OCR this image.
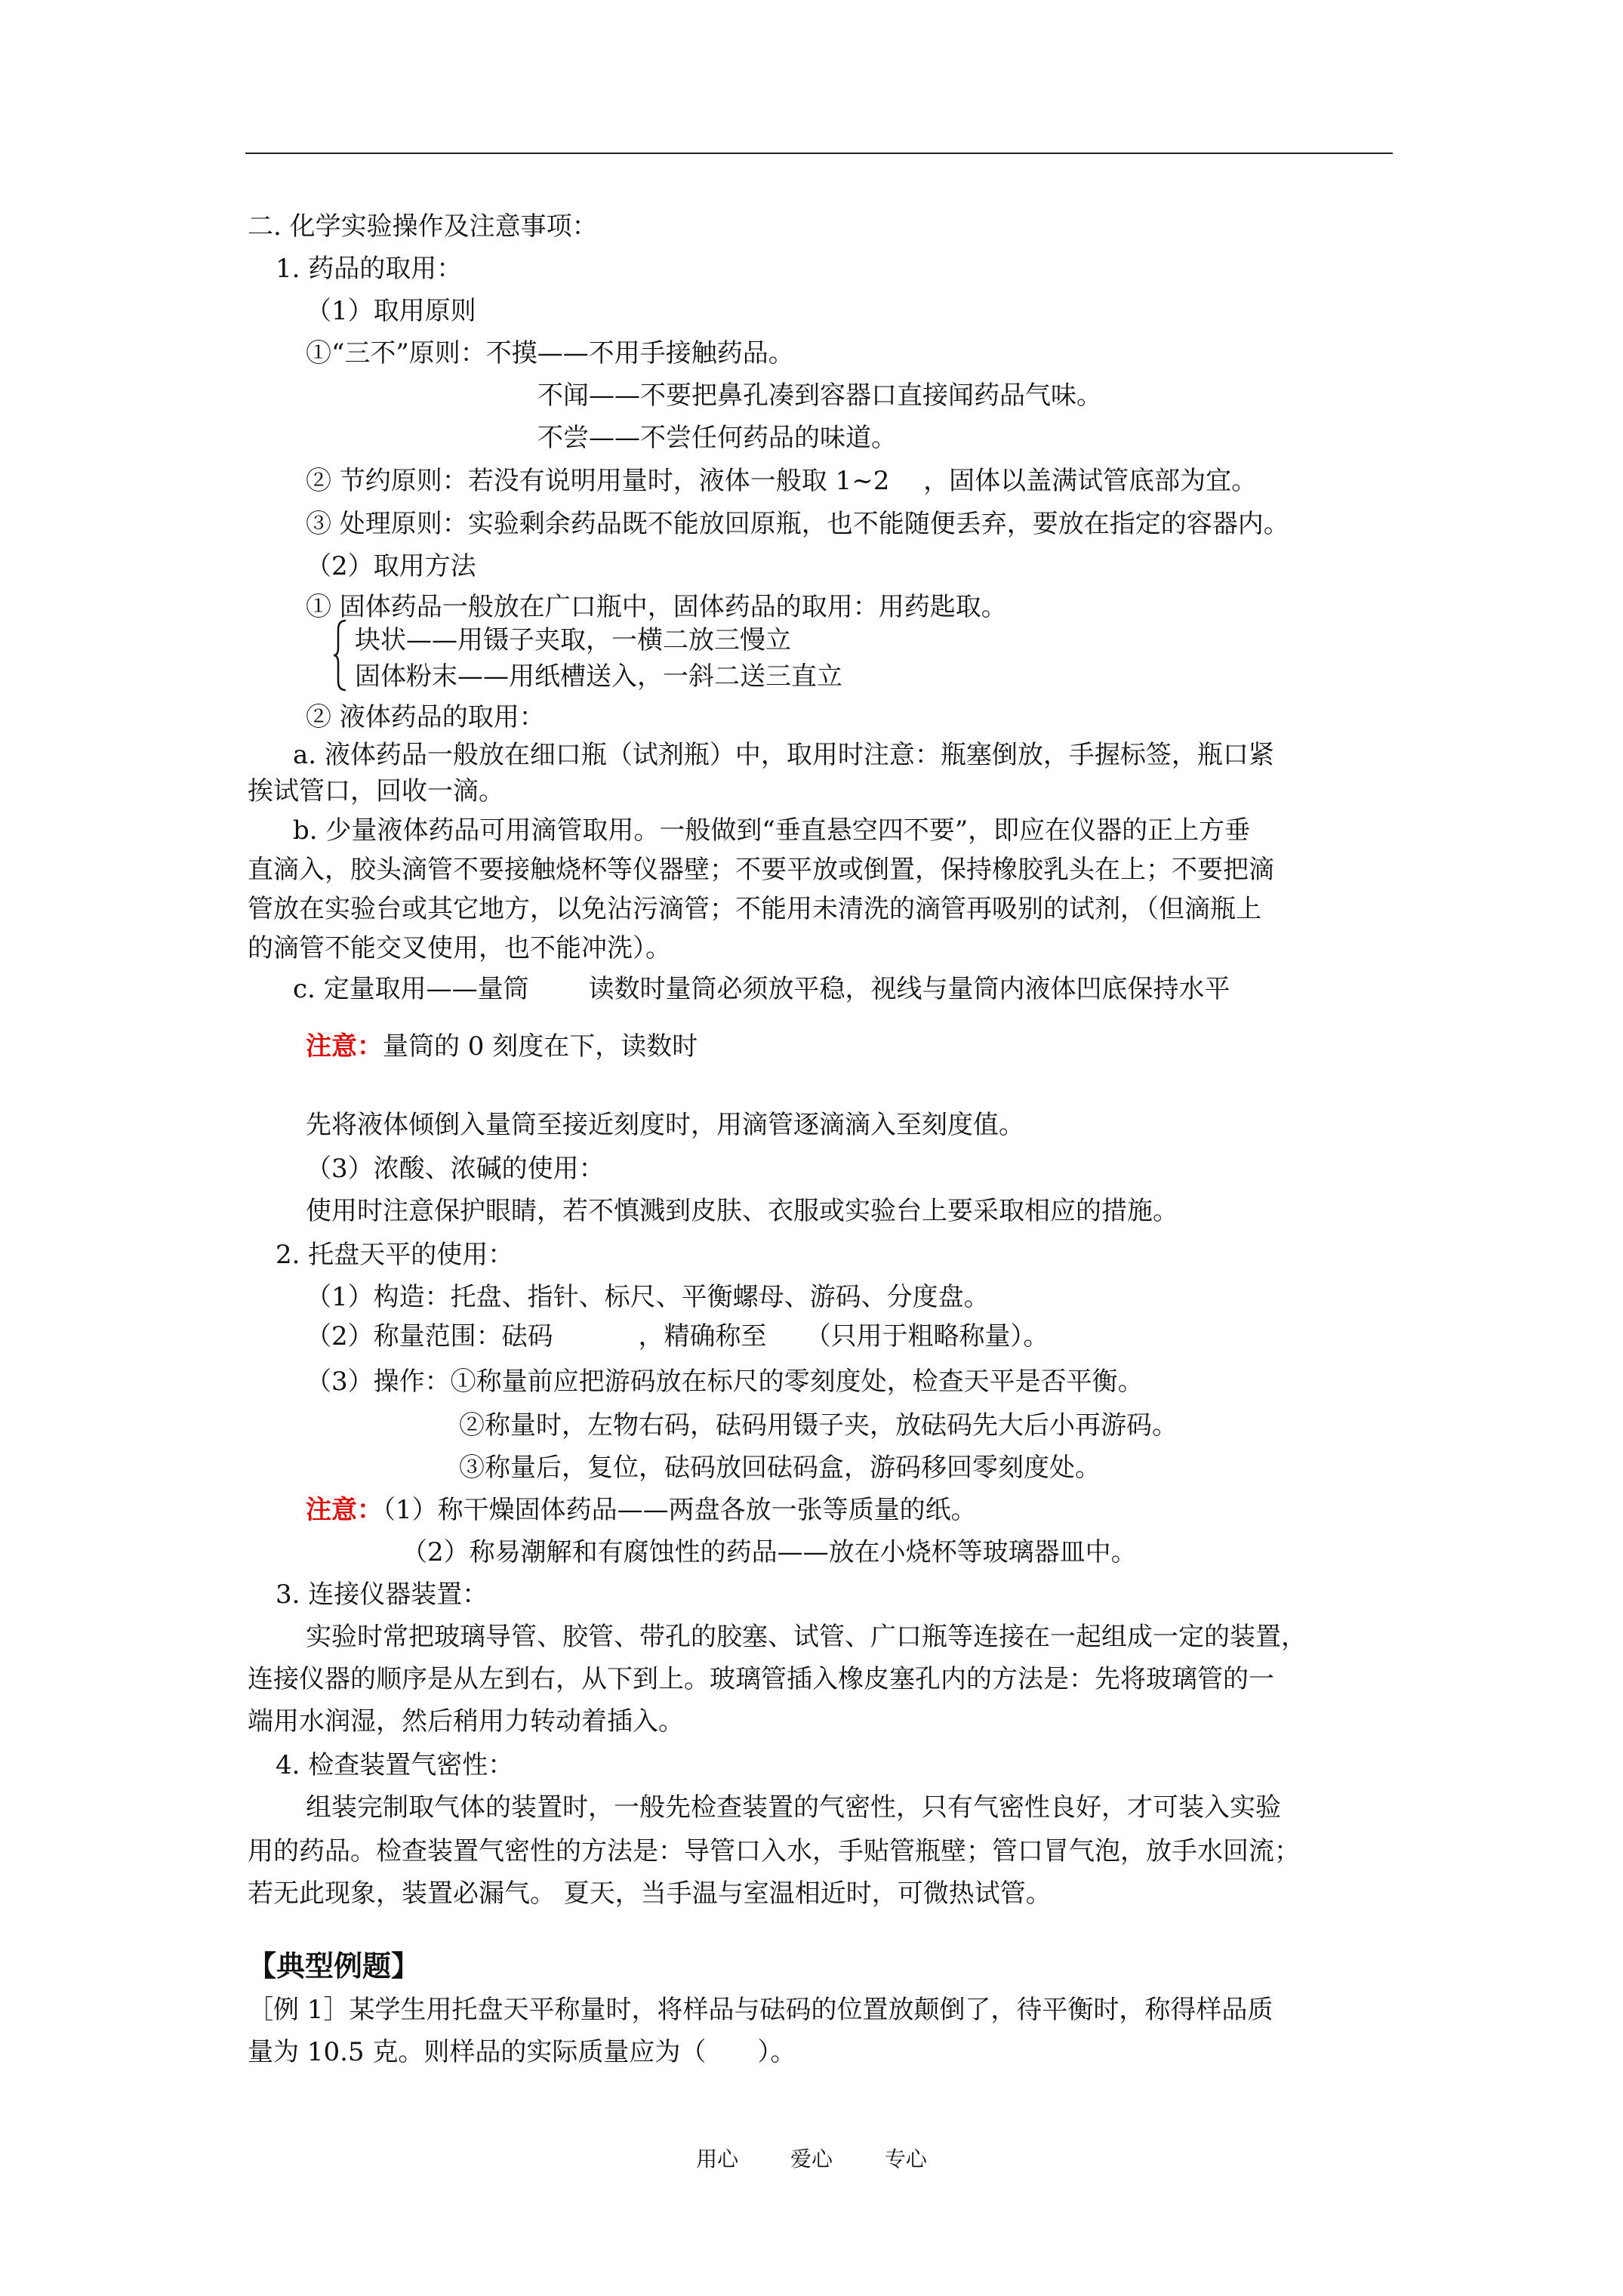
二. 化学实验操作及注意事项：
1. 药品的取用：
（1）取用原则
①“三不”原则：不摸——不用手接触药品。
不闻——不要把鼻孔凑到容器口直接闻药品气味。
不尝——不尝任何药品的味道。
② 节约原则：若没有说明用量时，液体一般取 1~2　 ，固体以盖满试管底部为宜。
③ 处理原则：实验剩余药品既不能放回原瓶，也不能随便丢弃，要放在指定的容器内。
（2）取用方法
① 固体药品一般放在广口瓶中，固体药品的取用：用药匙取。
块状——用镊子夹取，一横二放三慢立
固体粉末——用纸槽送入，一斜二送三直立
② 液体药品的取用：
a. 液体药品一般放在细口瓶（试剂瓶）中，取用时注意：瓶塞倒放，手握标签，瓶口紧
挨试管口，回收一滴。
b. 少量液体药品可用滴管取用。一般做到“垂直悬空四不要”，即应在仪器的正上方垂
直滴入，胶头滴管不要接触烧杯等仪器壁；不要平放或倒置，保持橡胶乳头在上；不要把滴
管放在实验台或其它地方，以免沾污滴管；不能用未清洗的滴管再吸别的试剂，（但滴瓶上
的滴管不能交叉使用，也不能冲洗）。
c. 定量取用——量筒　　 读数时量筒必须放平稳，视线与量筒内液体凹底保持水平
注意：量筒的 0 刻度在下，读数时
先将液体倾倒入量筒至接近刻度时，用滴管逐滴滴入至刻度值。
（3）浓酸、浓碱的使用：
使用时注意保护眼睛，若不慎溅到皮肤、衣服或实验台上要采取相应的措施。
2. 托盘天平的使用：
（1）构造：托盘、指针、标尺、平衡螺母、游码、分度盘。
（2）称量范围：砝码　　　 ，精确称至　　（只用于粗略称量）。
（3）操作：①称量前应把游码放在标尺的零刻度处，检查天平是否平衡。
②称量时，左物右码，砝码用镊子夹，放砝码先大后小再游码。
③称量后，复位，砝码放回砝码盒，游码移回零刻度处。
注意：（1）称干燥固体药品——两盘各放一张等质量的纸。
（2）称易潮解和有腐蚀性的药品——放在小烧杯等玻璃器皿中。
3. 连接仪器装置：
实验时常把玻璃导管、胶管、带孔的胶塞、试管、广口瓶等连接在一起组成一定的装置，
连接仪器的顺序是从左到右，从下到上。玻璃管插入橡皮塞孔内的方法是：先将玻璃管的一
端用水润湿，然后稍用力转动着插入。
4. 检查装置气密性：
组装完制取气体的装置时，一般先检查装置的气密性，只有气密性良好，才可装入实验
用的药品。检查装置气密性的方法是：导管口入水，手贴管瓶壁；管口冒气泡，放手水回流；
若无此现象，装置必漏气。 夏天，当手温与室温相近时，可微热试管。
【典型例题】
［例 1］某学生用托盘天平称量时，将样品与砝码的位置放颠倒了，待平衡时，称得样品质
量为 10.5 克。则样品的实际质量应为（　　）。
用心 爱心 专心
